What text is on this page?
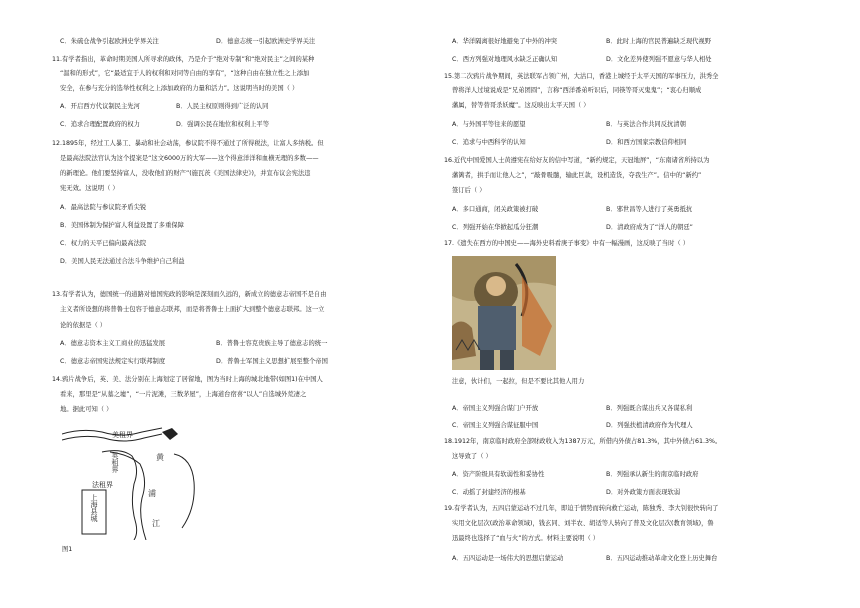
C．朱硫仓战争引起欧洲史学界关注	D．德意志统一引起欧洲史学界关注
11.有学者指出，革命时期美国人所寻求的政体，乃是介于“绝对专制”和“绝对民主”之间的某种
“温和的形式”，它“最适宜于人的权利和对同等自由的享有”，“这种自由在独立性之上添加
安全，在参与充分的选举性权利之上添加政府的力量和活力”。这说明当时的美国（ ）
A．开启西方代议制民主先河	B．人民主权原则得到广泛的认同
C．追求合理配置政府的权力	D．强调公民在地位和权利上平等
12.1895年，经过工人暴工、暴动和社会动荡，参议院不得不通过了所得税法，让富人多纳税。但
是最高法院法官认为这个提案是“这文6000万的大军——这个得意洋洋和血横无理的多数——
的新理论。他们要坚持富人，没收他们的财产”(施瓦茨《美国法律史》)，并宣布议会宪法违
宪无效。这说明（ ）
A．最高法院与参议院矛盾尖锐
B．美国体制为保护富人利益设置了多重保障
C．权力的天平已偏向最高法院
D．美国人民无法通过合法斗争维护自己利益
13.有学者认为，德国统一的道路对德国宪政的影响是深刻而久远的，新成立的德意志帝国不是自由
主义者所设想的将普鲁士包容于德意志联邦，而是将普鲁士上面扩大到整个德意志联邦。这一立
论的依据是（ ）
A．德意志资本主义工商业的迅猛发展	B．普鲁士容克贵族主导了德意志的统一
C．德意志帝国宪法规定实行联邦制度	D．普鲁士军国主义思想扩展至整个帝国
14.鸦片战争后，英、美、法分别在上海划定了居留地，图为当时上海的城北地带(如图1)在中国人
看来，那里是“从墓之墟”，“一片泥滩，三数茅屋”，上海道台宿喜“以人”自选城外荒凄之
地。据此可知（ ）
美租界
英租界
法租界
上海县城
黄
浦
江
图1
A．华洋隔离很好地避免了中外的冲突	B．此时上海的官民普遍缺乏现代视野
C．西方列强对地理风水缺乏正确认知	D．文化差异使列强不愿意与华人相处
15.第二次鸦片战争期间，英法联军占领广州，大沽口，香港上城经于太平天国的军事压力，洪秀全
曾将洋人过境说成是“兄弟团圆”，言称“西洋番弟听识后，同筷等哥灭鬼鬼”；“衷心归顺成
藩属，替等替哥杀妖魔”。这反映出太平天国（ ）
A．与外国平等往来的愿望	B．与英法合作共同反抗清朝
C．追求与中西科学的认知	D．和西方国家宗教信仰相同
16.近代中国爱国人士黄遵宪在给好友的信中写道，“新约规定，天冠地屏”，“东南诸省所持以为
藩篱者，拱手而让他人之”，“敲骨吸髓，输此巨款，设机造货，夺我生产”。信中的“新约”
签订后（ ）
A．多口通商，闭关政策被打破	B．邪世昌等人进行了英勇抵抗
C．列强开始在华掀起瓜分狂潮	D．清政府成为了“洋人的朝廷”
17.《遗失在西方的中国史——海外史料看庚子事变》中有一幅漫画，这反映了当时（ ）
注意，伙计们，一起拉，但是不要比其他人用力
A．帝国主义列强合谋门户开放	B．列强既合谋出兵又各谋私利
C．帝国主义列强合谋征服中国	D．列强扶植清政府作为代理人
18.1912年，南京临时政府全部财政收入为1387万元，所借内外债占81.3%，其中外债占61.3%。
这导致了（ ）
A．资产阶级具有软弱性和妥协性	B．列强承认新生的南京临时政府
C．动摇了封建经济的根基	D．对外政策方面表现软弱
19.有学者认为，五四启蒙运动不过几年，即迫于情势而转向救亡运动，陈独秀、李大钊很快转向了
实用文化层次(政治革命领域)，钱玄同、刘半农、胡适等人转向了普及文化层次(教育领域)，鲁
迅最终也选择了“血与火”的方式。材料主要说明（ ）
A．五四运动是一场伟大的思想启蒙运动	B．五四运动推动革命文化登上历史舞台
